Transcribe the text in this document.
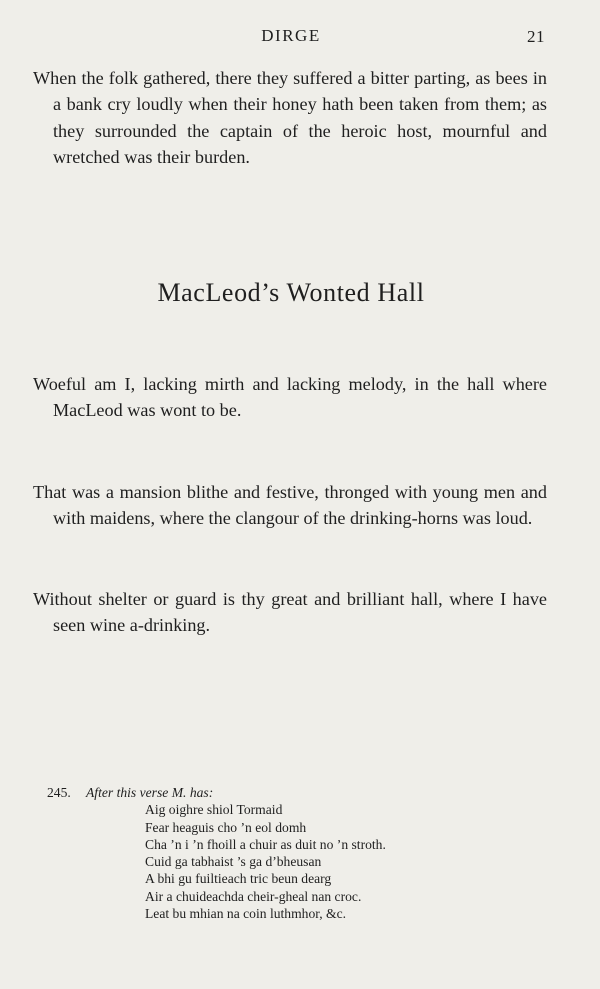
DIRGE	21
When the folk gathered, there they suffered a bitter parting, as bees in a bank cry loudly when their honey hath been taken from them; as they surrounded the captain of the heroic host, mournful and wretched was their burden.
MacLeod’s Wonted Hall
Woeful am I, lacking mirth and lacking melody, in the hall where MacLeod was wont to be.
That was a mansion blithe and festive, thronged with young men and with maidens, where the clangour of the drinking-horns was loud.
Without shelter or guard is thy great and brilliant hall, where I have seen wine a-drinking.
245. After this verse M. has:
Aig oighre shiol Tormaid
Fear heaguis cho ’n eol domh
Cha ’n i ’n fhoill a chuir as duit no ’n stroth.
Cuid ga tabhaist ’s ga d’bheusan
A bhi gu fuiltieach tric beun dearg
Air a chuideachda cheir-gheal nan croc.
Leat bu mhian na coin luthmhor, &c.
